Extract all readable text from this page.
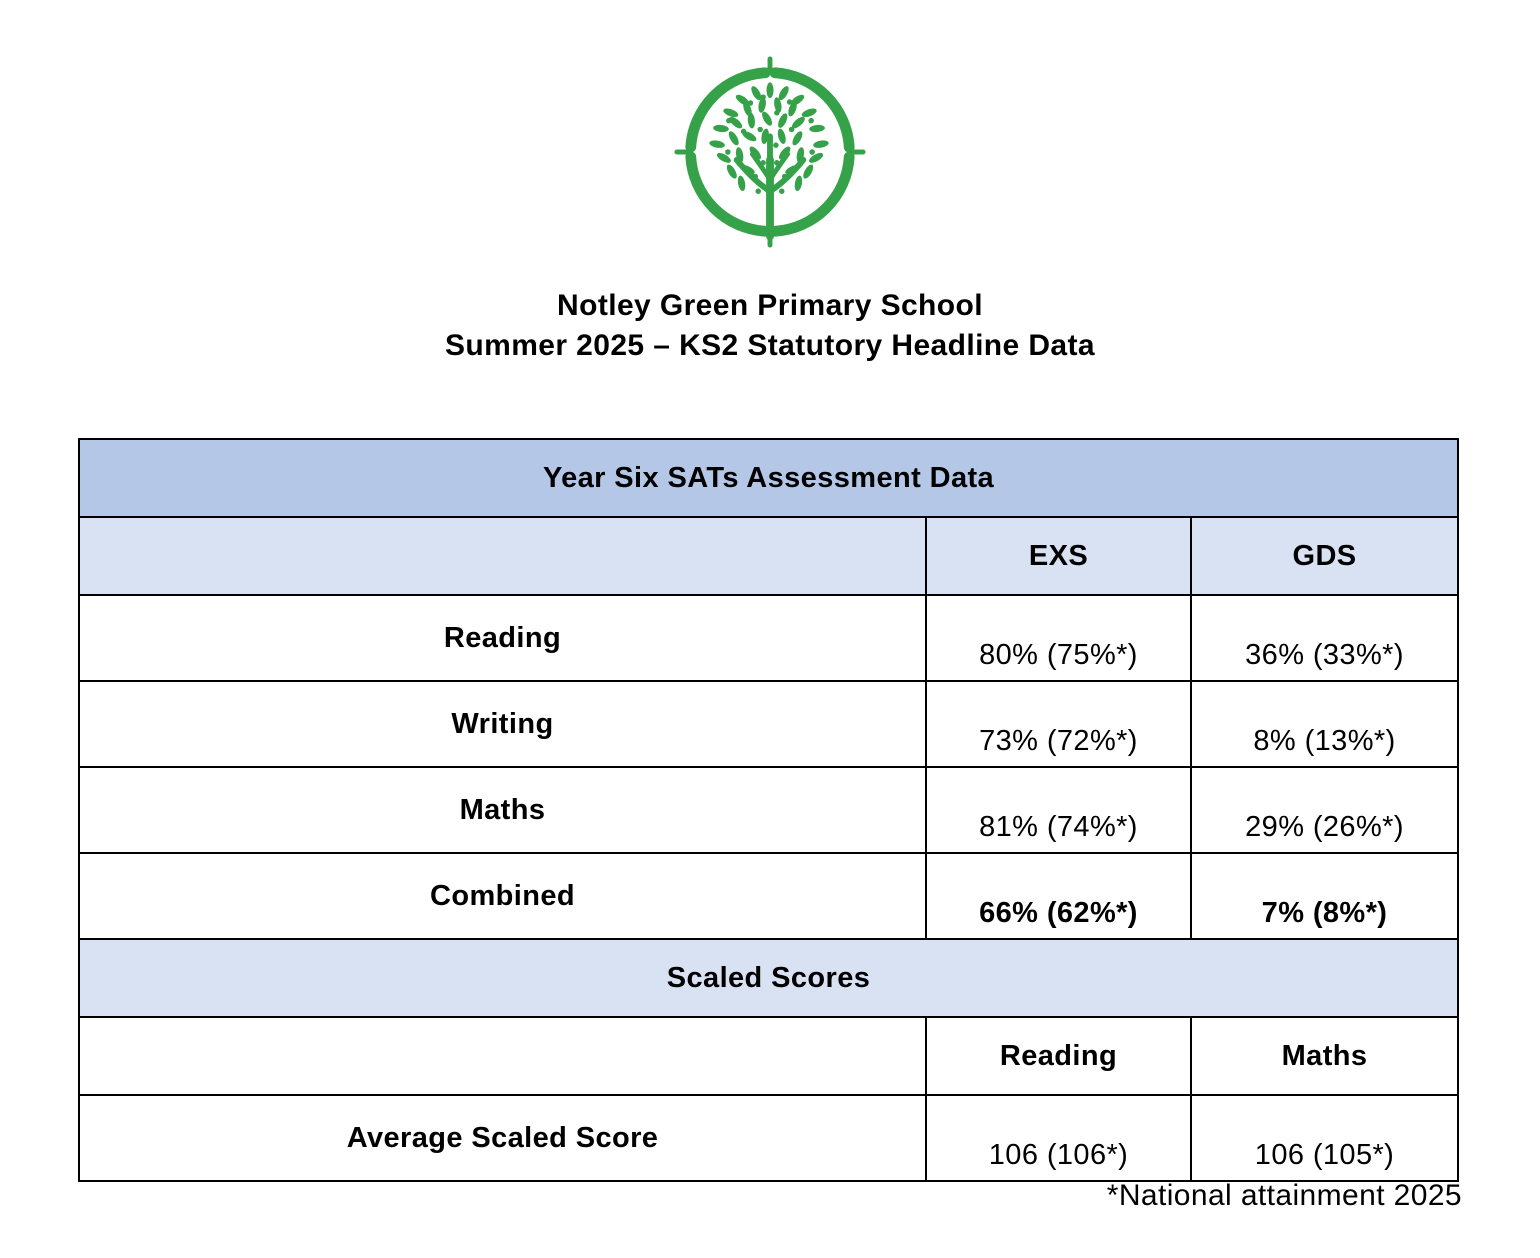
Notley Green Primary School
Summer 2025 – KS2 Statutory Headline Data
Year Six SATs Assessment Data		
	EXS	GDS
Reading	80% (75%*)	36% (33%*)
Writing	73% (72%*)	8% (13%*)
Maths	81% (74%*)	29% (26%*)
Combined	66% (62%*)	7% (8%*)
Scaled Scores		
	Reading	Maths
Average Scaled Score	106 (106*)	106 (105*)
*National attainment 2025
